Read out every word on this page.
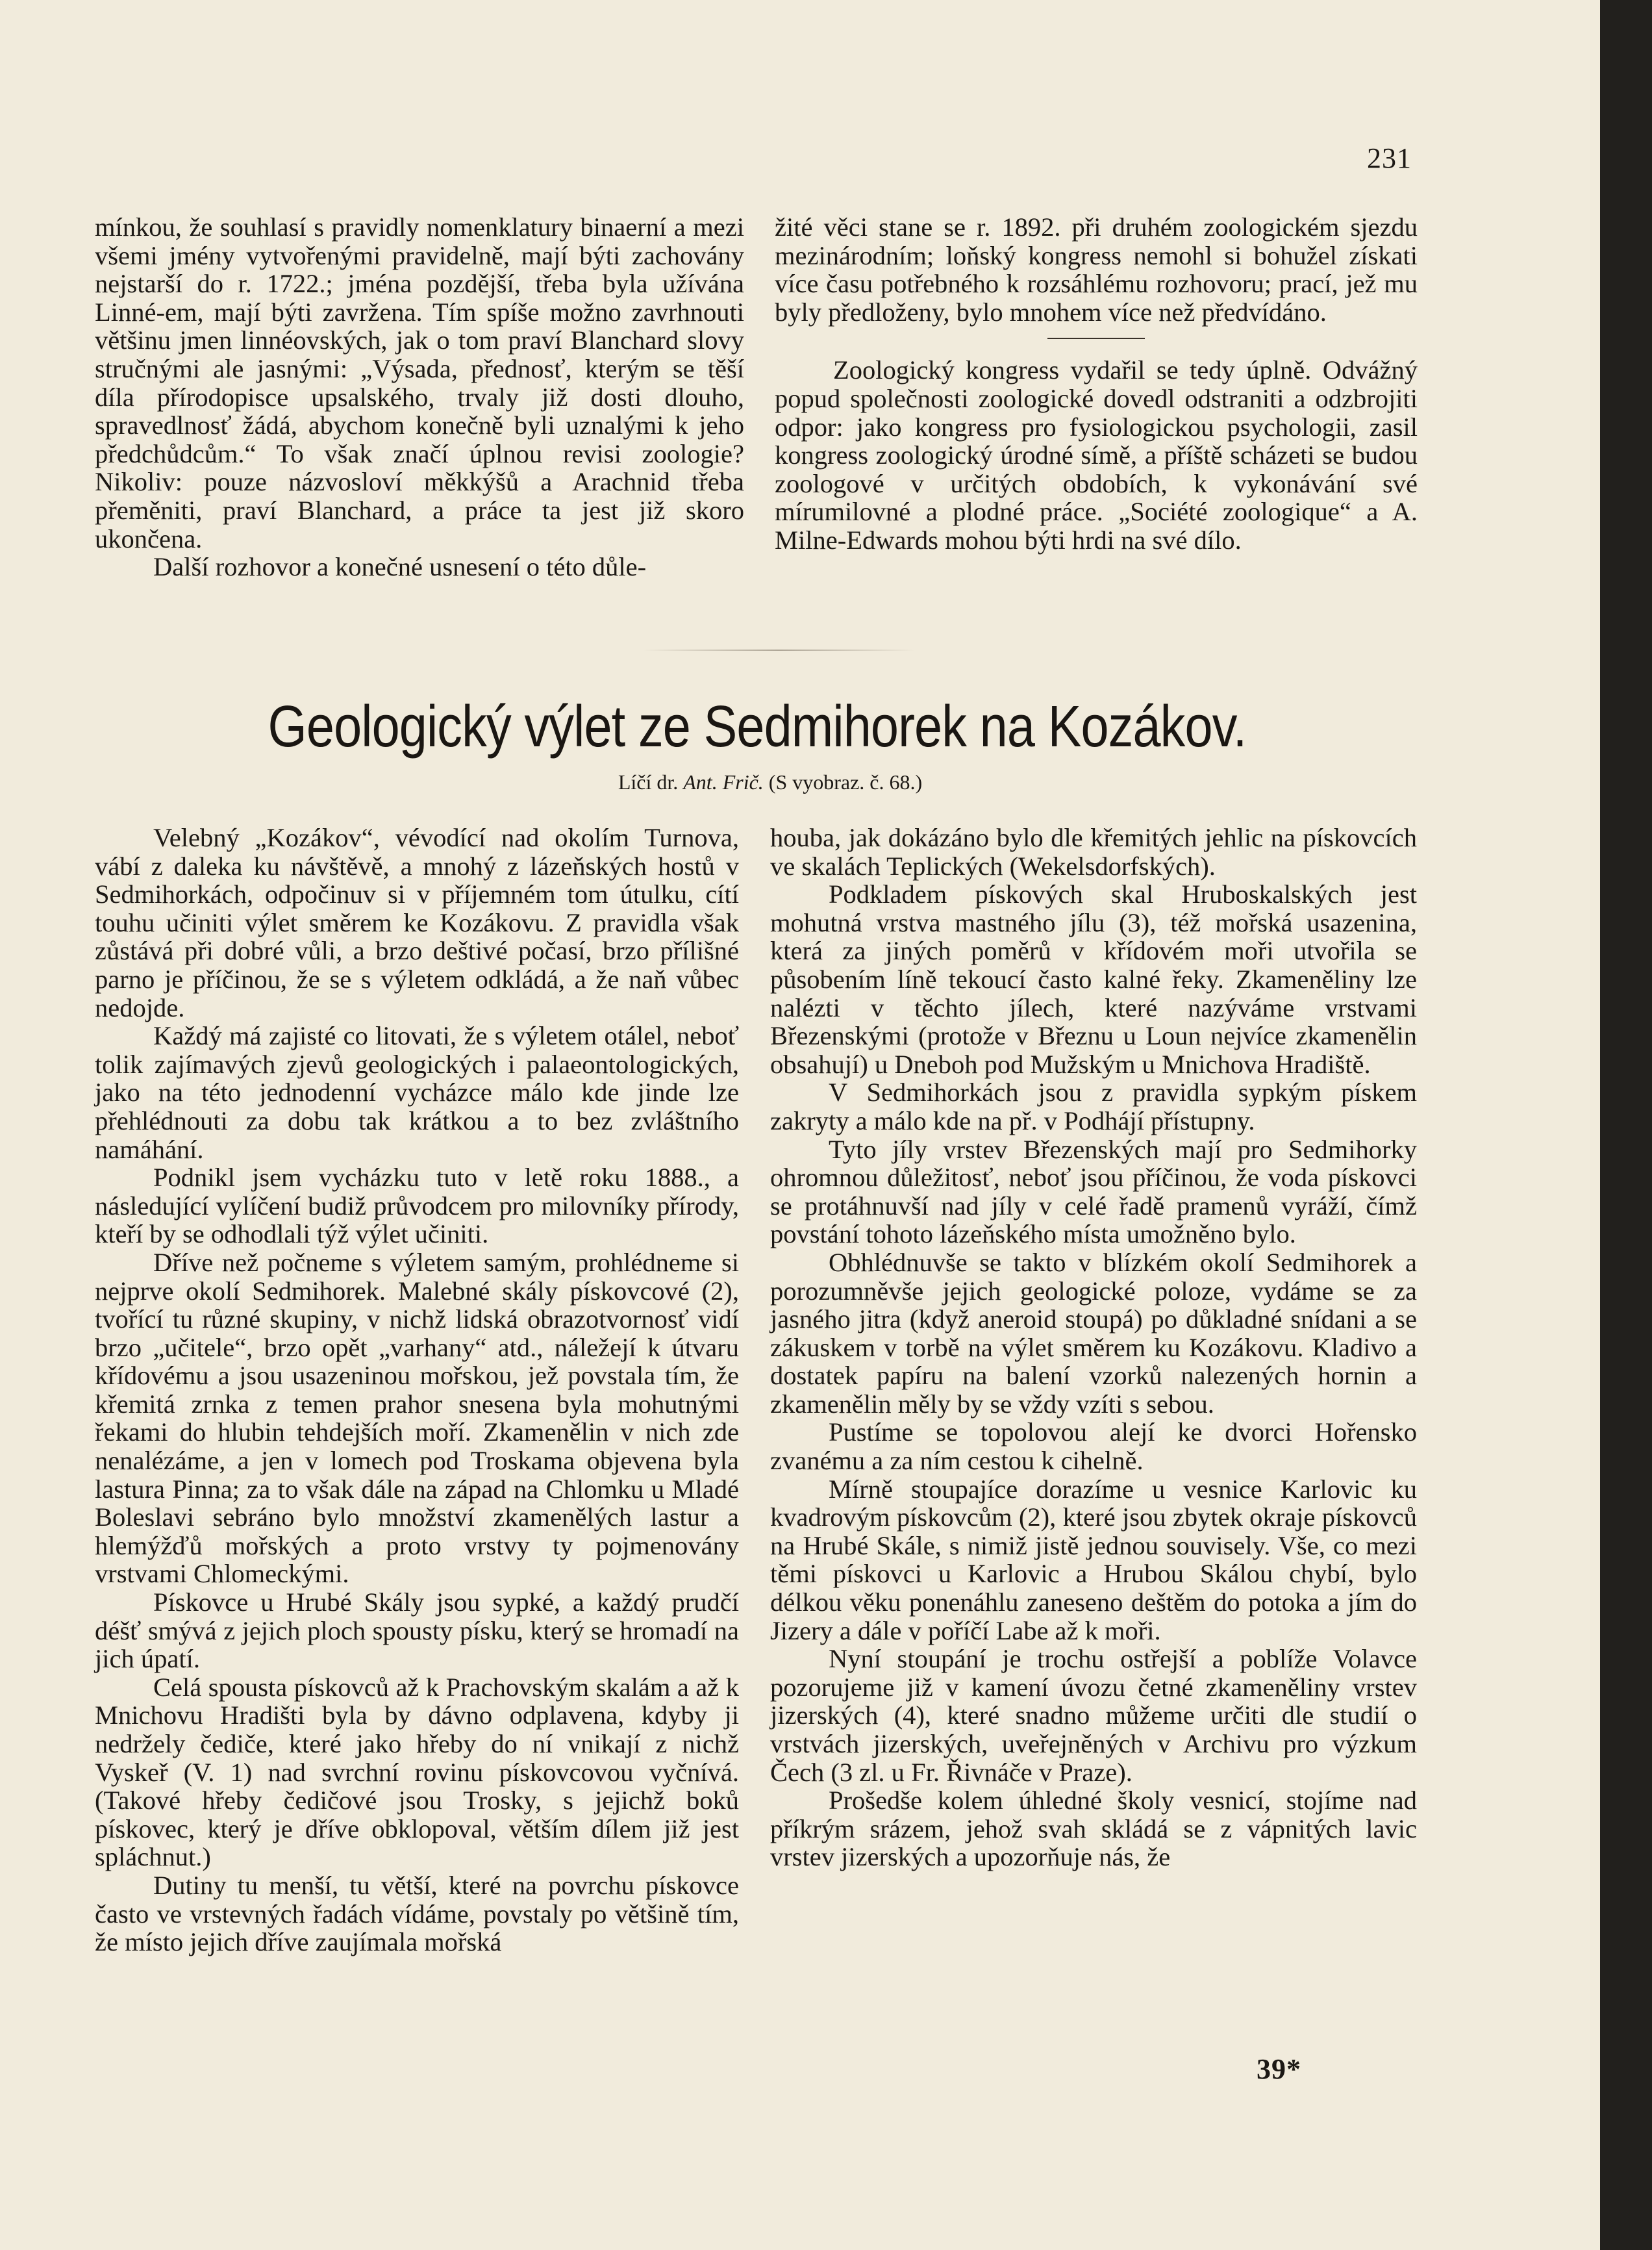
231

mínkou, že souhlasí s pravidly nomenklatury binaerní a mezi všemi jmény vytvořenými pravidelně, mají býti zachovány nejstarší do r. 1722.; jména pozdější, třeba byla užívána Linné-em, mají býti zavržena. Tím spíše možno zavrhnouti většinu jmen linnéovských, jak o tom praví Blanchard slovy stručnými ale jasnými: „Výsada, přednosť, kterým se těší díla přírodopisce upsalského, trvaly již dosti dlouho, spravedlnosť žádá, abychom konečně byli uznalými k jeho předchůdcům.“ To však značí úplnou revisi zoologie? Nikoliv: pouze názvosloví měkkýšů a Arachnid třeba přeměniti, praví Blanchard, a práce ta jest již skoro ukončena.

Další rozhovor a konečné usnesení o této důle-

žité věci stane se r. 1892. při druhém zoologickém sjezdu mezinárodním; loňský kongress nemohl si bohužel získati více času potřebného k rozsáhlému rozhovoru; prací, jež mu byly předloženy, bylo mnohem více než předvídáno.

Zoologický kongress vydařil se tedy úplně. Odvážný popud společnosti zoologické dovedl odstraniti a odzbrojiti odpor: jako kongress pro fysiologickou psychologii, zasil kongress zoologický úrodné símě, a příště scházeti se budou zoologové v určitých obdobích, k vykonávání své mírumilovné a plodné práce. „Société zoologique“ a A. Milne-Edwards mohou býti hrdi na své dílo.

Geologický výlet ze Sedmihorek na Kozákov.
Líčí dr. Ant. Frič. (S vyobraz. č. 68.)

Velebný „Kozákov“, vévodící nad okolím Turnova, vábí z daleka ku návštěvě, a mnohý z lázeňských hostů v Sedmihorkách, odpočinuv si v příjemném tom útulku, cítí touhu učiniti výlet směrem ke Kozákovu. Z pravidla však zůstává při dobré vůli, a brzo deštivé počasí, brzo přílišné parno je příčinou, že se s výletem odkládá, a že naň vůbec nedojde.

Každý má zajisté co litovati, že s výletem otálel, neboť tolik zajímavých zjevů geologických i palaeontologických, jako na této jednodenní vycházce málo kde jinde lze přehlédnouti za dobu tak krátkou a to bez zvláštního namáhání.

Podnikl jsem vycházku tuto v letě roku 1888., a následující vylíčení budiž průvodcem pro milovníky přírody, kteří by se odhodlali týž výlet učiniti.

Dříve než počneme s výletem samým, prohlédneme si nejprve okolí Sedmihorek. Malebné skály pískovcové (2), tvořící tu různé skupiny, v nichž lidská obrazotvornosť vidí brzo „učitele“, brzo opět „varhany“ atd., náležejí k útvaru křídovému a jsou usazeninou mořskou, jež povstala tím, že křemitá zrnka z temen prahor snesena byla mohutnými řekami do hlubin tehdejších moří. Zkamenělin v nich zde nenalézáme, a jen v lomech pod Troskama objevena byla lastura Pinna; za to však dále na západ na Chlomku u Mladé Boleslavi sebráno bylo množství zkamenělých lastur a hlemýžďů mořských a proto vrstvy ty pojmenovány vrstvami Chlomeckými.

Pískovce u Hrubé Skály jsou sypké, a každý prudčí déšť smývá z jejich ploch spousty písku, který se hromadí na jich úpatí.

Celá spousta pískovců až k Prachovským skalám a až k Mnichovu Hradišti byla by dávno odplavena, kdyby ji nedržely čediče, které jako hřeby do ní vnikají z nichž Vyskeř (V. 1) nad svrchní rovinu pískovcovou vyčnívá. (Takové hřeby čedičové jsou Trosky, s jejichž boků pískovec, který je dříve obklopoval, větším dílem již jest spláchnut.)

Dutiny tu menší, tu větší, které na povrchu pískovce často ve vrstevných řadách vídáme, povstaly po většině tím, že místo jejich dříve zaujímala mořská

houba, jak dokázáno bylo dle křemitých jehlic na pískovcích ve skalách Teplických (Wekelsdorfských).

Podkladem pískových skal Hruboskalských jest mohutná vrstva mastného jílu (3), též mořská usazenina, která za jiných poměrů v křídovém moři utvořila se působením líně tekoucí často kalné řeky. Zkameněliny lze nalézti v těchto jílech, které nazýváme vrstvami Březenskými (protože v Březnu u Loun nejvíce zkamenělin obsahují) u Dneboh pod Mužským u Mnichova Hradiště.

V Sedmihorkách jsou z pravidla sypkým pískem zakryty a málo kde na př. v Podhájí přístupny.

Tyto jíly vrstev Březenských mají pro Sedmihorky ohromnou důležitosť, neboť jsou příčinou, že voda pískovci se protáhnuvší nad jíly v celé řadě pramenů vyráží, čímž povstání tohoto lázeňského místa umožněno bylo.

Obhlédnuvše se takto v blízkém okolí Sedmihorek a porozumněvše jejich geologické poloze, vydáme se za jasného jitra (když aneroid stoupá) po důkladné snídani a se zákuskem v torbě na výlet směrem ku Kozákovu. Kladivo a dostatek papíru na balení vzorků nalezených hornin a zkamenělin měly by se vždy vzíti s sebou.

Pustíme se topolovou alejí ke dvorci Hořensko zvanému a za ním cestou k cihelně.

Mírně stoupajíce dorazíme u vesnice Karlovic ku kvadrovým pískovcům (2), které jsou zbytek okraje pískovců na Hrubé Skále, s nimiž jistě jednou souvisely. Vše, co mezi těmi pískovci u Karlovic a Hrubou Skálou chybí, bylo délkou věku ponenáhlu zaneseno deštěm do potoka a jím do Jizery a dále v poříčí Labe až k moři.

Nyní stoupání je trochu ostřejší a poblíže Volavce pozorujeme již v kamení úvozu četné zkameněliny vrstev jizerských (4), které snadno můžeme určiti dle studií o vrstvách jizerských, uveřejněných v Archivu pro výzkum Čech (3 zl. u Fr. Řivnáče v Praze).

Prošedše kolem úhledné školy vesnicí, stojíme nad příkrým srázem, jehož svah skládá se z vápnitých lavic vrstev jizerských a upozorňuje nás, že

39*
